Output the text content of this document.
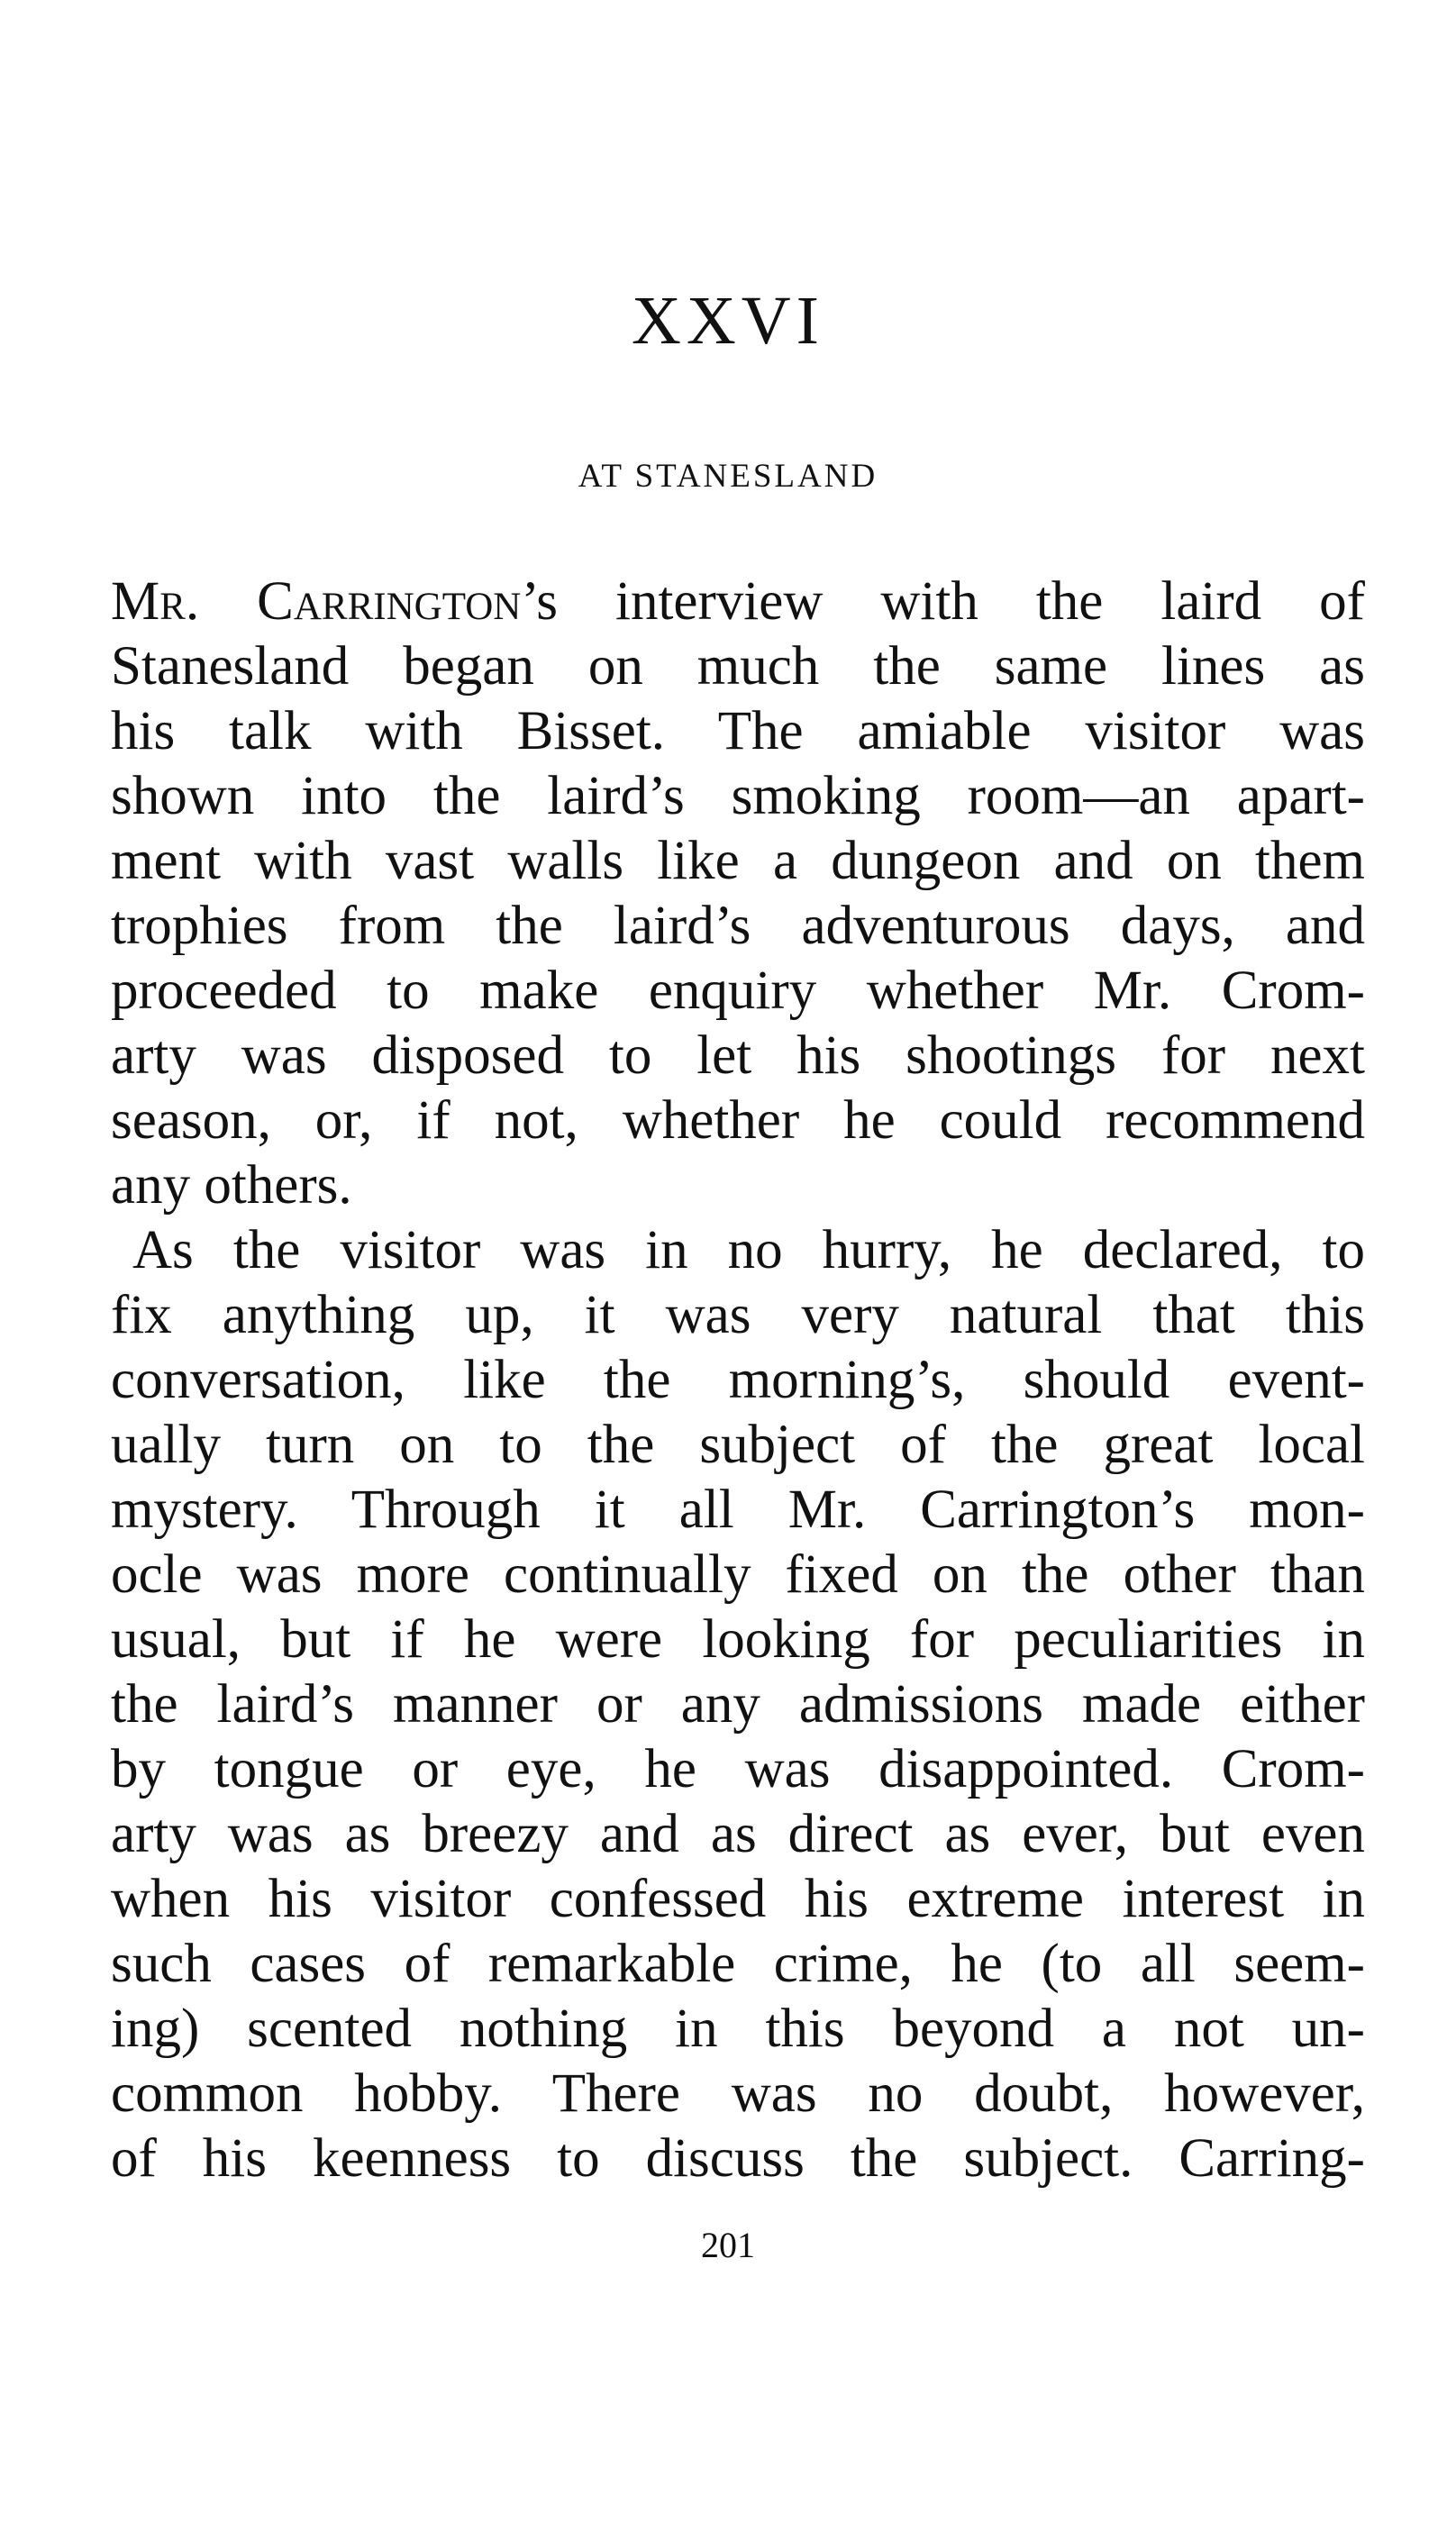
XXVI
AT STANESLAND
Mr. Carrington’s interview with the laird of
Stanesland began on much the same lines as
his talk with Bisset. The amiable visitor was
shown into the laird’s smoking room—an apart-
ment with vast walls like a dungeon and on them
trophies from the laird’s adventurous days, and
proceeded to make enquiry whether Mr. Crom-
arty was disposed to let his shootings for next
season, or, if not, whether he could recommend
any others.
As the visitor was in no hurry, he declared, to
fix anything up, it was very natural that this
conversation, like the morning’s, should event-
ually turn on to the subject of the great local
mystery. Through it all Mr. Carrington’s mon-
ocle was more continually fixed on the other than
usual, but if he were looking for peculiarities in
the laird’s manner or any admissions made either
by tongue or eye, he was disappointed. Crom-
arty was as breezy and as direct as ever, but even
when his visitor confessed his extreme interest in
such cases of remarkable crime, he (to all seem-
ing) scented nothing in this beyond a not un-
common hobby. There was no doubt, however,
of his keenness to discuss the subject. Carring-
201
